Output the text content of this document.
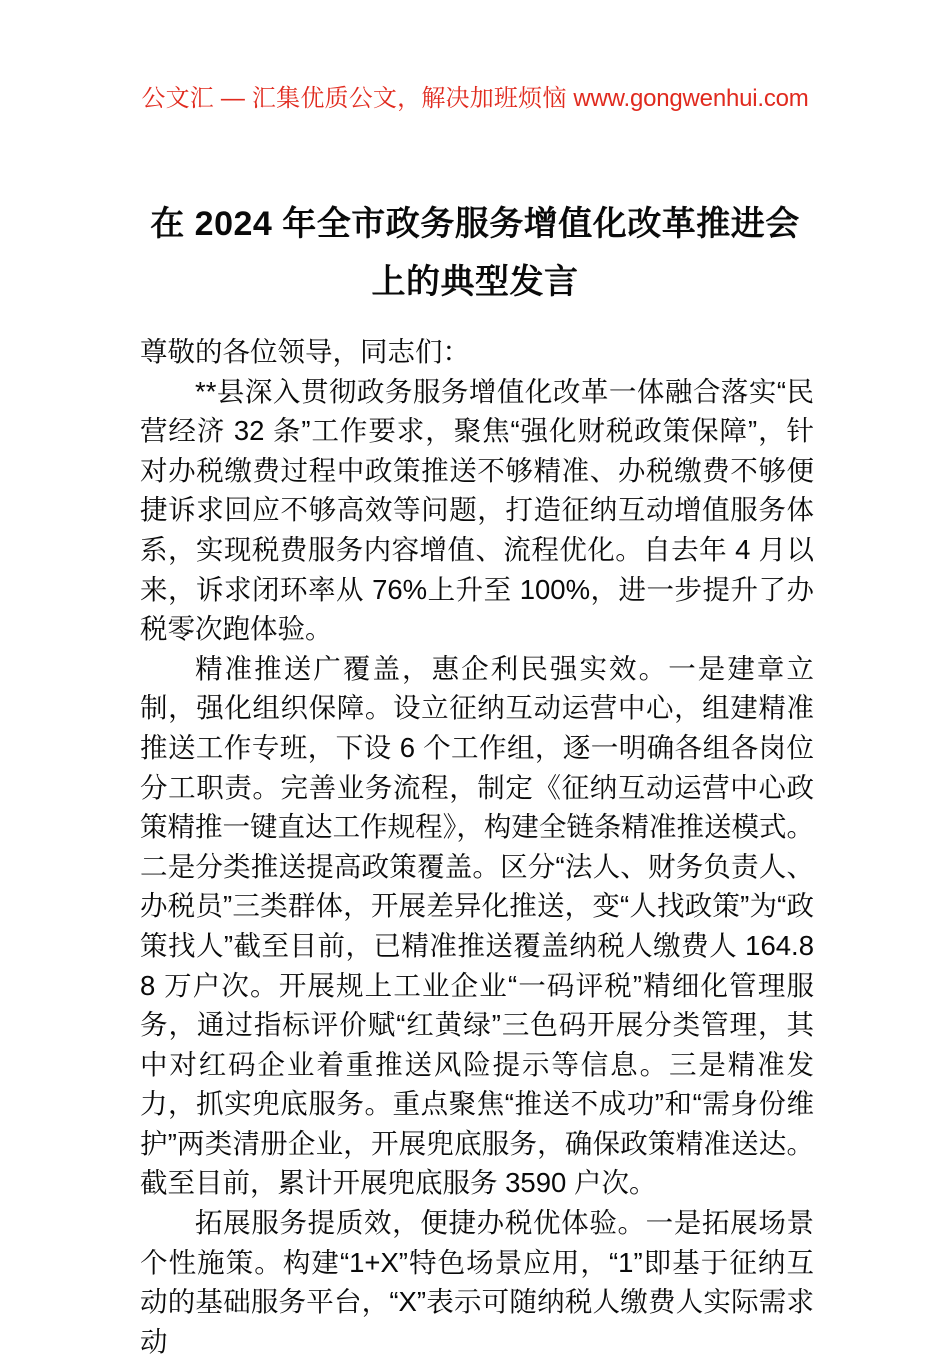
公文汇 — 汇集优质公文，解决加班烦恼 www.gongwenhui.com
在 2024 年全市政务服务增值化改革推进会
上的典型发言

尊敬的各位领导，同志们：

**县深入贯彻政务服务增值化改革一体融合落实“民营经济 32 条”工作要求，聚焦“强化财税政策保障”，针对办税缴费过程中政策推送不够精准、办税缴费不够便捷诉求回应不够高效等问题，打造征纳互动增值服务体系，实现税费服务内容增值、流程优化。自去年 4 月以来，诉求闭环率从 76%上升至 100%，进一步提升了办税零次跑体验。

精准推送广覆盖，惠企利民强实效。一是建章立制，强化组织保障。设立征纳互动运营中心，组建精准推送工作专班，下设 6 个工作组，逐一明确各组各岗位分工职责。完善业务流程，制定《征纳互动运营中心政策精推一键直达工作规程》，构建全链条精准推送模式。二是分类推送提高政策覆盖。区分“法人、财务负责人、办税员”三类群体，开展差异化推送，变“人找政策”为“政策找人”截至目前，已精准推送覆盖纳税人缴费人 164.88 万户次。开展规上工业企业“一码评税”精细化管理服务，通过指标评价赋“红黄绿”三色码开展分类管理，其中对红码企业着重推送风险提示等信息。三是精准发力，抓实兜底服务。重点聚焦“推送不成功”和“需身份维护”两类清册企业，开展兜底服务，确保政策精准送达。截至目前，累计开展兜底服务 3590 户次。

拓展服务提质效，便捷办税优体验。一是拓展场景个性施策。构建“1+X”特色场景应用，“1”即基于征纳互动的基础服务平台，“X”表示可随纳税人缴费人实际需求动
